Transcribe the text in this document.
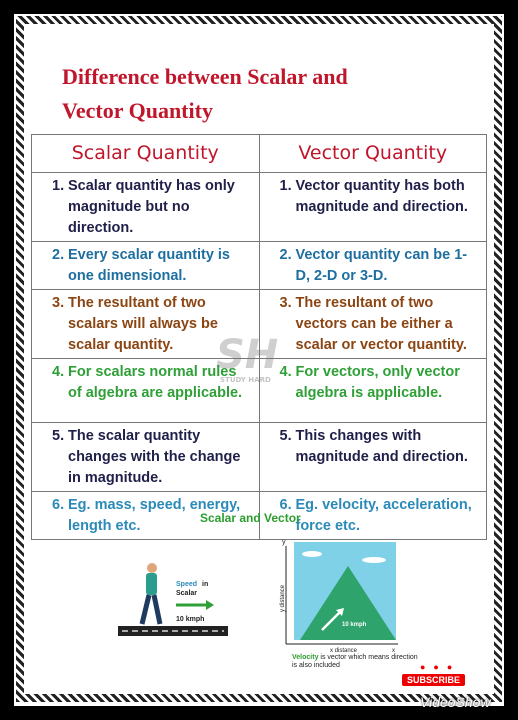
Difference between Scalar and
Vector Quantity
Scalar Quantity	Vector Quantity

1. Scalar quantity has only magnitude but no direction.	1. Vector quantity has both magnitude and direction.

2. Every scalar quantity is one dimensional.	2. Vector quantity can be 1-D, 2-D or 3-D.

3. The resultant of two scalars will always be scalar quantity.	3. The resultant of two vectors can be either a scalar or vector quantity.

4. For scalars normal rules of algebra are applicable.	4. For vectors, only vector algebra is applicable.

5. The scalar quantity changes with the change in magnitude.	5. This changes with magnitude and direction.

6. Eg. mass, speed, energy, length etc.	6. Eg. velocity, acceleration, force etc.
SH
STUDY HARD
Scalar and Vector
Speed in
Scalar
10 kmph
y
10 kmph
y distance
x distance	x
Velocity is vector which means direction is also included	●●●
SUBSCRIBE
Made with
VideoShow
